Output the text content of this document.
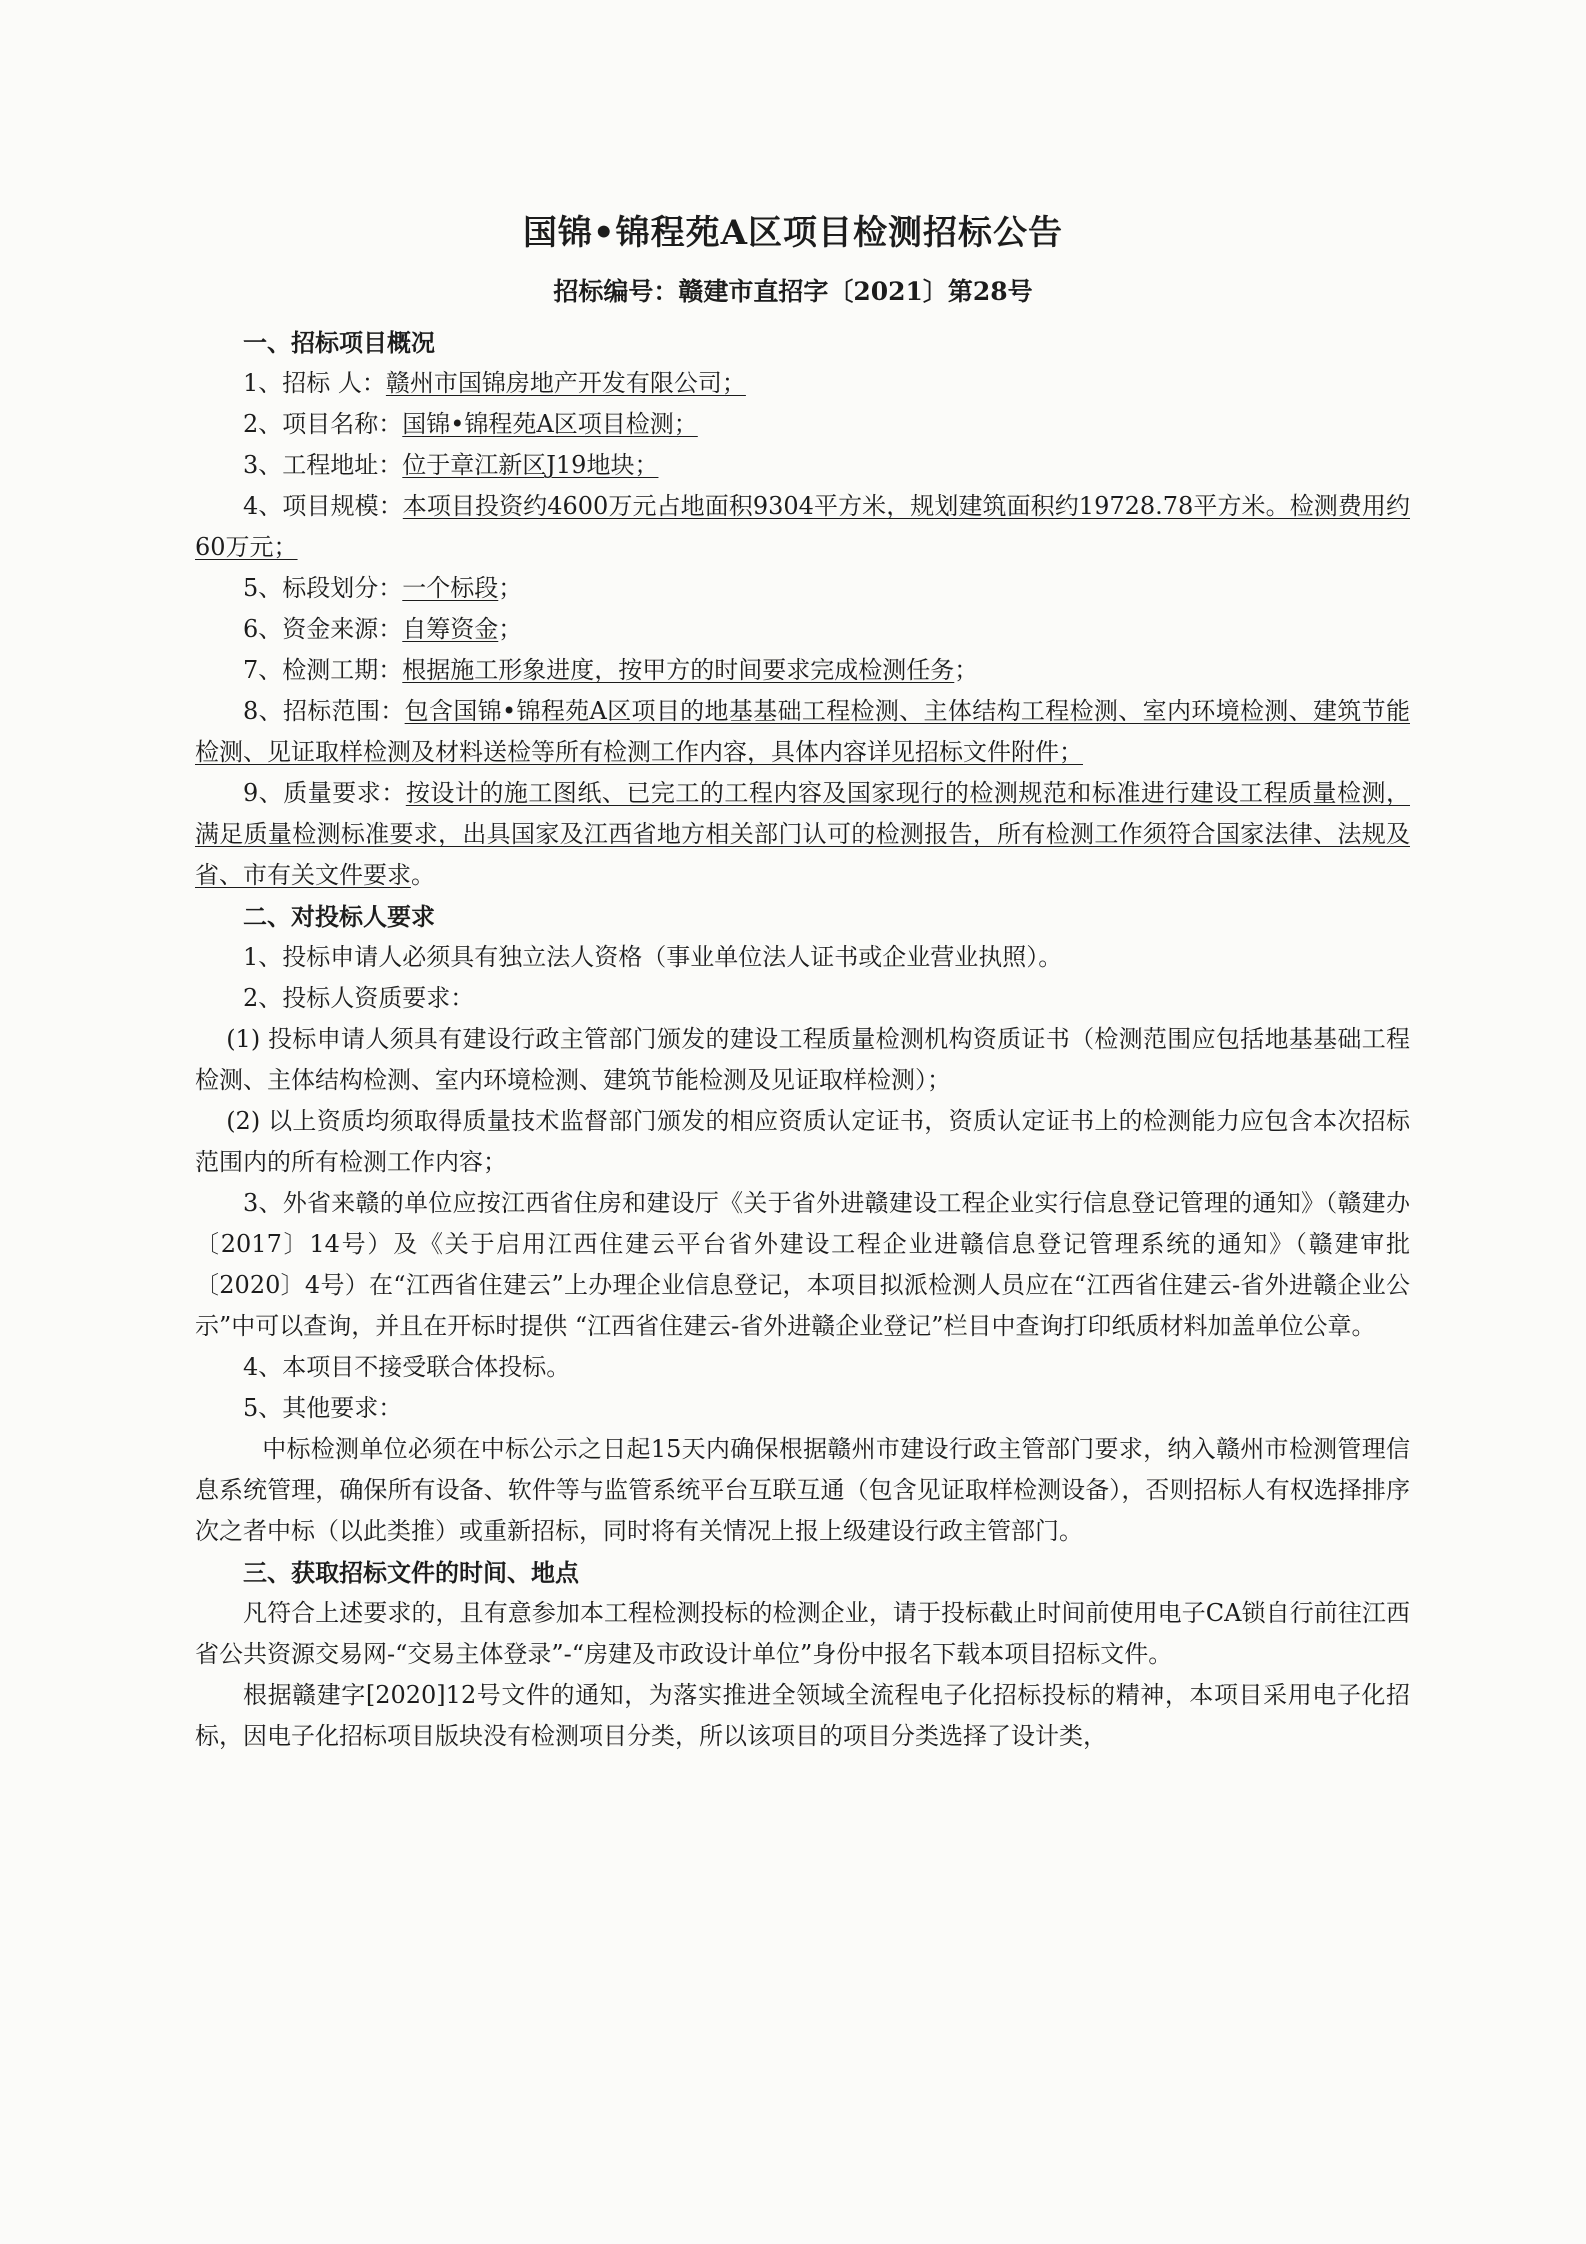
国锦•锦程苑A区项目检测招标公告
招标编号：赣建市直招字〔2021〕第28号

一、招标项目概况

1、招标 人：赣州市国锦房地产开发有限公司；

2、项目名称：国锦•锦程苑A区项目检测；

3、工程地址：位于章江新区J19地块；

4、项目规模：本项目投资约4600万元占地面积9304平方米，规划建筑面积约19728.78平方米。检测费用约60万元；

5、标段划分：一个标段；

6、资金来源：自筹资金；

7、检测工期：根据施工形象进度，按甲方的时间要求完成检测任务；

8、招标范围：包含国锦•锦程苑A区项目的地基基础工程检测、主体结构工程检测、室内环境检测、建筑节能检测、见证取样检测及材料送检等所有检测工作内容，具体内容详见招标文件附件；

9、质量要求：按设计的施工图纸、已完工的工程内容及国家现行的检测规范和标准进行建设工程质量检测，满足质量检测标准要求，出具国家及江西省地方相关部门认可的检测报告，所有检测工作须符合国家法律、法规及省、市有关文件要求。

二、对投标人要求

1、投标申请人必须具有独立法人资格（事业单位法人证书或企业营业执照）。

2、投标人资质要求：

(1) 投标申请人须具有建设行政主管部门颁发的建设工程质量检测机构资质证书（检测范围应包括地基基础工程检测、主体结构检测、室内环境检测、建筑节能检测及见证取样检测）；

(2) 以上资质均须取得质量技术监督部门颁发的相应资质认定证书，资质认定证书上的检测能力应包含本次招标范围内的所有检测工作内容；

3、外省来赣的单位应按江西省住房和建设厅《关于省外进赣建设工程企业实行信息登记管理的通知》（赣建办〔2017〕14号）及《关于启用江西住建云平台省外建设工程企业进赣信息登记管理系统的通知》（赣建审批〔2020〕4号）在“江西省住建云”上办理企业信息登记，本项目拟派检测人员应在“江西省住建云-省外进赣企业公示”中可以查询，并且在开标时提供 “江西省住建云-省外进赣企业登记”栏目中查询打印纸质材料加盖单位公章。

4、本项目不接受联合体投标。

5、其他要求：

中标检测单位必须在中标公示之日起15天内确保根据赣州市建设行政主管部门要求，纳入赣州市检测管理信息系统管理，确保所有设备、软件等与监管系统平台互联互通（包含见证取样检测设备），否则招标人有权选择排序次之者中标（以此类推）或重新招标，同时将有关情况上报上级建设行政主管部门。

三、获取招标文件的时间、地点

凡符合上述要求的，且有意参加本工程检测投标的检测企业，请于投标截止时间前使用电子CA锁自行前往江西省公共资源交易网-“交易主体登录”-“房建及市政设计单位”身份中报名下载本项目招标文件。

根据赣建字[2020]12号文件的通知，为落实推进全领域全流程电子化招标投标的精神，本项目采用电子化招标，因电子化招标项目版块没有检测项目分类，所以该项目的项目分类选择了设计类，
